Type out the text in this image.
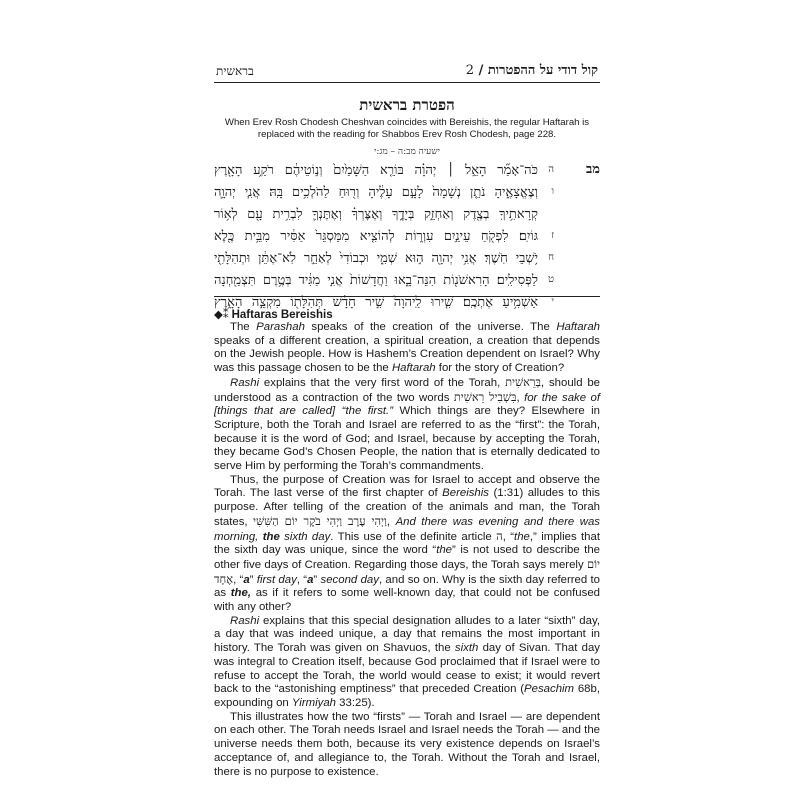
בראשית	קול דודי על ההפטרות / 2
הפטרת בראשית
When Erev Rosh Chodesh Cheshvan coincides with Bereishis, the regular Haftarah is replaced with the reading for Shabbos Erev Rosh Chodesh, page 228.
ישעיה מב:ה – מג:י
מב
ה
כֹּה־אָמַ֞ר הָאֵ֣ל ׀ יְהוָ֗ה בּוֹרֵ֤א הַשָּׁמַ֙יִם֙ וְנ֣וֹטֵיהֶ֔ם רֹקַ֥ע הָאָ֖רֶץ
ו
וְצֶאֱצָאֶ֑יהָ נֹתֵ֤ן נְשָׁמָה֙ לָעָ֣ם עָלֶ֔יהָ וְר֖וּחַ לַהֹלְכִ֥ים בָּֽהּ׃ אֲנִ֧י יְהוָ֛ה
קְרָאתִ֥יךָֽ בְצֶ֖דֶק וְאַחְזֵ֣ק בְּיָדֶ֑ךָ וְאֶצׇּרְךָ֗ וְאֶתֶּנְךָ֛ לִבְרִ֥ית עָ֖ם לְא֥וֹר
ז
גּוֹיִֽם׃ לִפְקֹ֖חַ עֵינַ֣יִם עִוְר֑וֹת לְהוֹצִ֤יא מִמַּסְגֵּר֙ אַסִּ֔יר מִבֵּ֥ית כֶּ֖לֶא
ח
יֹ֥שְׁבֵי חֹֽשֶׁךְ׃ אֲנִ֥י יְהוָ֖ה ה֣וּא שְׁמִ֑י וּכְבוֹדִי֙ לְאַחֵ֣ר לֹֽא־אֶתֵּ֔ן וּתְהִלָּתִ֖י
ט
לַפְּסִילִֽים׃ הָרִאשֹׁנ֖וֹת הִנֵּה־בָ֑אוּ וַחֲדָשׁוֹת֙ אֲנִ֣י מַגִּ֔יד בְּטֶ֥רֶם תִּצְמַ֖חְנָה
י
אַשְׁמִ֥יעַ אֶתְכֶֽם׃ שִׁ֤ירוּ לַֽיהוָה֙ שִׁ֣יר חָדָ֔שׁ תְּהִלָּת֖וֹ מִקְצֵ֣ה הָאָ֑רֶץ
◆⁑ Haftaras Bereishis

The Parashah speaks of the creation of the universe. The Haftarah speaks of a different creation, a spiritual creation, a creation that depends on the Jewish people. How is Hashem’s Creation dependent on Israel? Why was this passage chosen to be the Haftarah for the story of Creation?

Rashi explains that the very first word of the Torah, בְּרֵאשִׁית, should be understood as a contraction of the two words בִּשְׁבִיל רֵאשִׁית, for the sake of [things that are called] “the first.” Which things are they? Elsewhere in Scripture, both the Torah and Israel are referred to as the “first”: the Torah, because it is the word of God; and Israel, because by accepting the Torah, they became God’s Chosen People, the nation that is eternally dedicated to serve Him by performing the Torah’s commandments.

Thus, the purpose of Creation was for Israel to accept and observe the Torah. The last verse of the first chapter of Bereishis (1:31) alludes to this purpose. After telling of the creation of the animals and man, the Torah states, וַיְהִי עֶרֶב וַיְהִי בֹקֶר יוֹם הַשִּׁשִּׁי, And there was evening and there was morning, the sixth day. This use of the definite article ה, “the,” implies that the sixth day was unique, since the word “the” is not used to describe the other five days of Creation. Regarding those days, the Torah says merely יוֹם אֶחָד, “a” first day, “a” second day, and so on. Why is the sixth day referred to as the, as if it refers to some well-known day, that could not be confused with any other?

Rashi explains that this special designation alludes to a later “sixth” day, a day that was indeed unique, a day that remains the most important in history. The Torah was given on Shavuos, the sixth day of Sivan. That day was integral to Creation itself, because God proclaimed that if Israel were to refuse to accept the Torah, the world would cease to exist; it would revert back to the “astonishing emptiness” that preceded Creation (Pesachim 68b, expounding on Yirmiyah 33:25).

This illustrates how the two “firsts” — Torah and Israel — are dependent on each other. The Torah needs Israel and Israel needs the Torah — and the universe needs them both, because its very existence depends on Israel’s acceptance of, and allegiance to, the Torah. Without the Torah and Israel, there is no purpose to existence.
